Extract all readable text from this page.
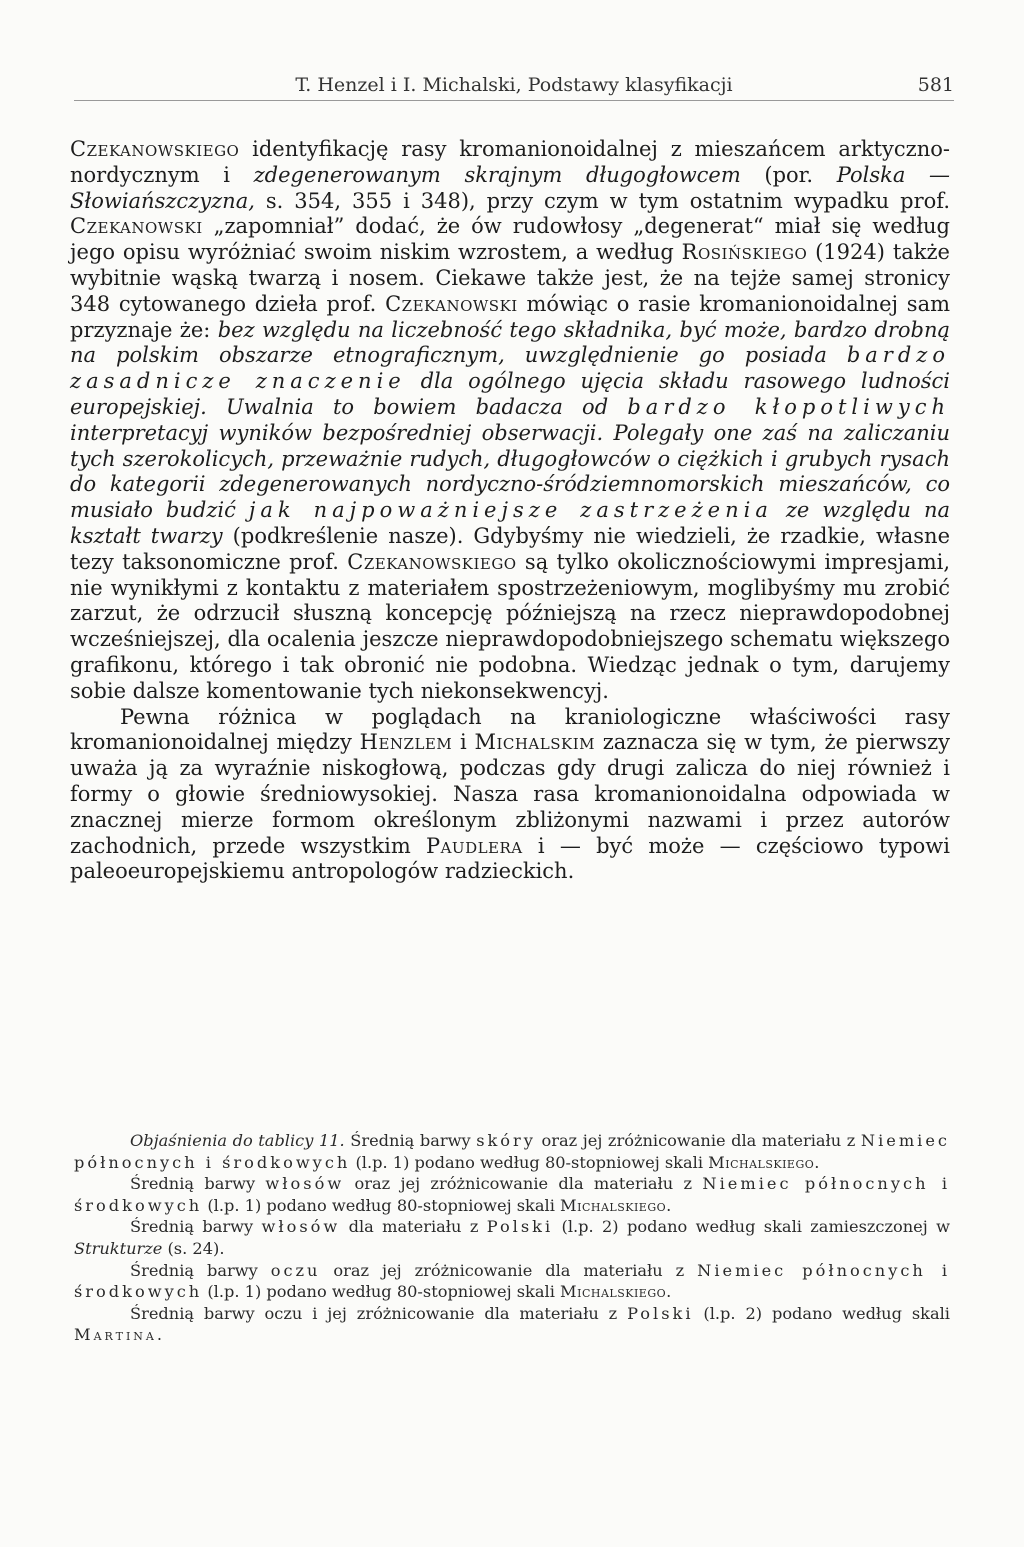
T. Henzel i I. Michalski, Podstawy klasyfikacji	581

Czekanowskiego identyfikację rasy kromanionoidalnej z mieszańcem arktyczno-nordycznym i zdegenerowanym skrajnym długogłowcem (por. Polska — Słowiańszczyzna, s. 354, 355 i 348), przy czym w tym ostatnim wypadku prof. Czekanowski „zapomniał” dodać, że ów rudowłosy „degenerat“ miał się według jego opisu wyróżniać swoim niskim wzrostem, a według Rosińskiego (1924) także wybitnie wąską twarzą i nosem. Ciekawe także jest, że na tejże samej stronicy 348 cytowanego dzieła prof. Czekanowski mówiąc o rasie kromanionoidalnej sam przyznaje że: bez względu na liczebność tego składnika, być może, bardzo drobną na polskim obszarze etnograficznym, uwzględnienie go posiada bardzo zasadnicze znaczenie dla ogólnego ujęcia składu rasowego ludności europejskiej. Uwalnia to bowiem badacza od bardzo kłopotliwych interpretacyj wyników bezpośredniej obserwacji. Polegały one zaś na zaliczaniu tych szerokolicych, przeważnie rudych, długogłowców o ciężkich i grubych rysach do kategorii zdegenerowanych nordyczno-śródziemnomorskich mieszańców, co musiało budzić jak najpoważniejsze zastrzeżenia ze względu na kształt twarzy (podkreślenie nasze). Gdybyśmy nie wiedzieli, że rzadkie, własne tezy taksonomiczne prof. Czekanowskiego są tylko okolicznościowymi impresjami, nie wynikłymi z kontaktu z materiałem spostrzeżeniowym, moglibyśmy mu zrobić zarzut, że odrzucił słuszną koncepcję późniejszą na rzecz nieprawdopodobnej wcześniejszej, dla ocalenia jeszcze nieprawdopodobniejszego schematu większego grafikonu, którego i tak obronić nie podobna. Wiedząc jednak o tym, darujemy sobie dalsze komentowanie tych niekonsekwencyj.

Pewna różnica w poglądach na kraniologiczne właściwości rasy kromanionoidalnej między Henzlem i Michalskim zaznacza się w tym, że pierwszy uważa ją za wyraźnie niskogłową, podczas gdy drugi zalicza do niej również i formy o głowie średniowysokiej. Nasza rasa kromanionoidalna odpowiada w znacznej mierze formom określonym zbliżonymi nazwami i przez autorów zachodnich, przede wszystkim Paudlera i — być może — częściowo typowi paleoeuropejskiemu antropologów radzieckich.

Objaśnienia do tablicy 11. Średnią barwy skóry oraz jej zróżnicowanie dla materiału z Niemiec północnych i środkowych (l.p. 1) podano według 80-stopniowej skali Michalskiego.

Średnią barwy włosów oraz jej zróżnicowanie dla materiału z Niemiec północnych i środkowych (l.p. 1) podano według 80-stopniowej skali Michalskiego.

Średnią barwy włosów dla materiału z Polski (l.p. 2) podano według skali zamieszczonej w Strukturze (s. 24).

Średnią barwy oczu oraz jej zróżnicowanie dla materiału z Niemiec północnych i środkowych (l.p. 1) podano według 80-stopniowej skali Michalskiego.

Średnią barwy oczu i jej zróżnicowanie dla materiału z Polski (l.p. 2) podano według skali Martina.
